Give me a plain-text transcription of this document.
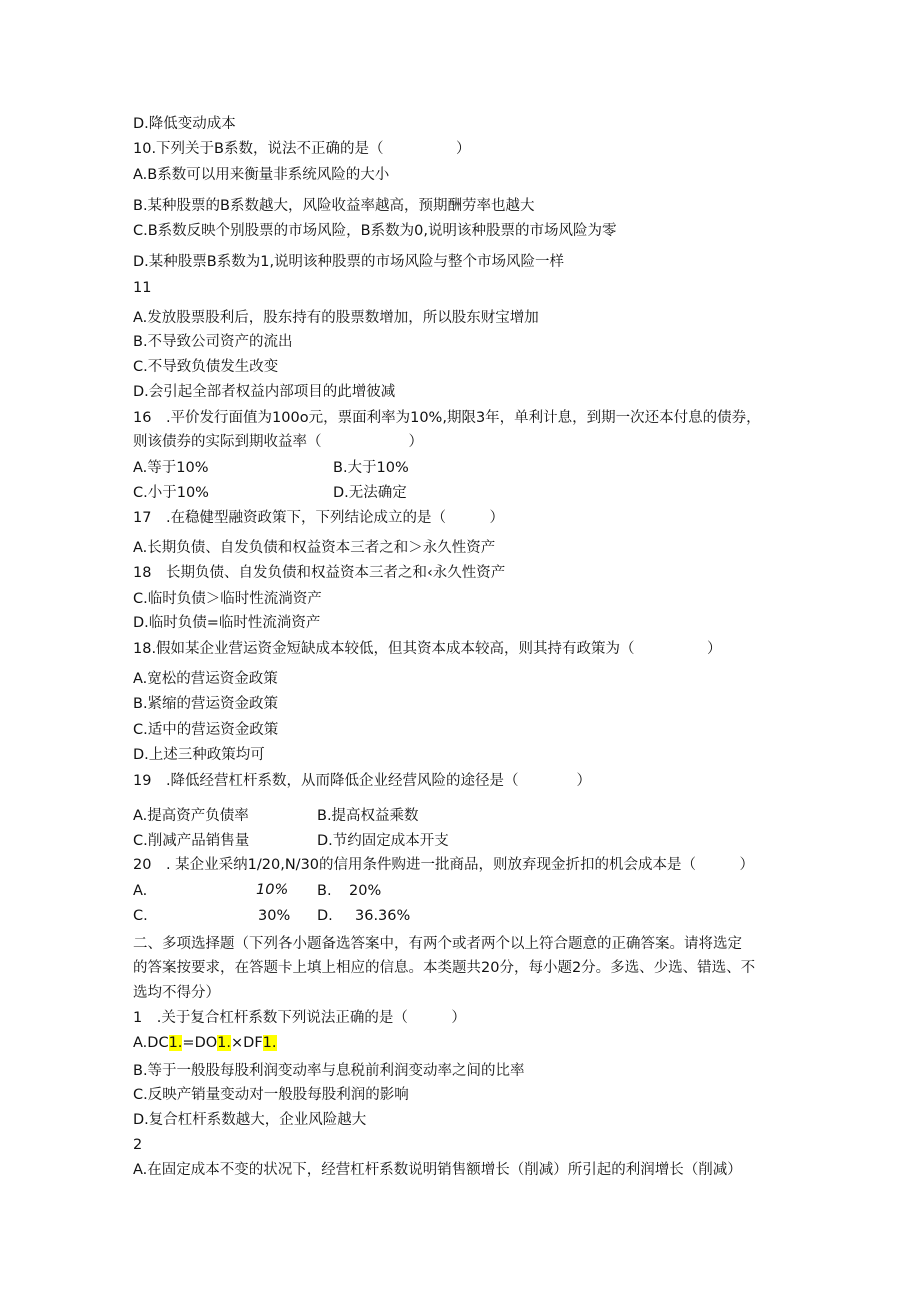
D.降低变动成本
10.下列关于B系数，说法不正确的是（　　　　　）
A.B系数可以用来衡量非系统风险的大小
B.某种股票的B系数越大，风险收益率越高，预期酬劳率也越大
C.B系数反映个别股票的市场风险，B系数为0,说明该种股票的市场风险为零
D.某种股票B系数为1,说明该种股票的市场风险与整个市场风险一样
11
A.发放股票股利后，股东持有的股票数增加，所以股东财宝增加
B.不导致公司资产的流出
C.不导致负债发生改变
D.会引起全部者权益内部项目的此增彼减
16　.平价发行面值为100o元，票面利率为10%,期限3年，单利计息，到期一次还本付息的债券，
则该债券的实际到期收益率（　　　　　　）
A.等于10%	B.大于10%
C.小于10%	D.无法确定
17　.在稳健型融资政策下，下列结论成立的是（　　　）
A.长期负债、自发负债和权益资本三者之和＞永久性资产
18　长期负债、自发负债和权益资本三者之和‹永久性资产
C.临时负债＞临时性流淌资产
D.临时负债=临时性流淌资产
18.假如某企业营运资金短缺成本较低，但其资本成本较高，则其持有政策为（　　　　　）
A.宽松的营运资金政策
B.紧缩的营运资金政策
C.适中的营运资金政策
D.上述三种政策均可
19　.降低经营杠杆系数，从而降低企业经营风险的途径是（　　　　）
A.提高资产负债率	B.提高权益乘数
C.削减产品销售量	D.节约固定成本开支
20　. 某企业采纳1/20,N/30的信用条件购进一批商品，则放弃现金折扣的机会成本是（　　　）
A.	10% B. 20%
C.	30% D. 36.36%
二、多项选择题（下列各小题备选答案中，有两个或者两个以上符合题意的正确答案。请将选定
的答案按要求，在答题卡上填上相应的信息。本类题共20分，每小题2分。多选、少选、错选、不
选均不得分）
1　.关于复合杠杆系数下列说法正确的是（　　　）
A.DC1.=DO1.×DF1.
B.等于一般股每股利润变动率与息税前利润变动率之间的比率
C.反映产销量变动对一般股每股利润的影响
D.复合杠杆系数越大，企业风险越大
2
A.在固定成本不变的状况下，经营杠杆系数说明销售额增长（削减）所引起的利润增长（削减）
